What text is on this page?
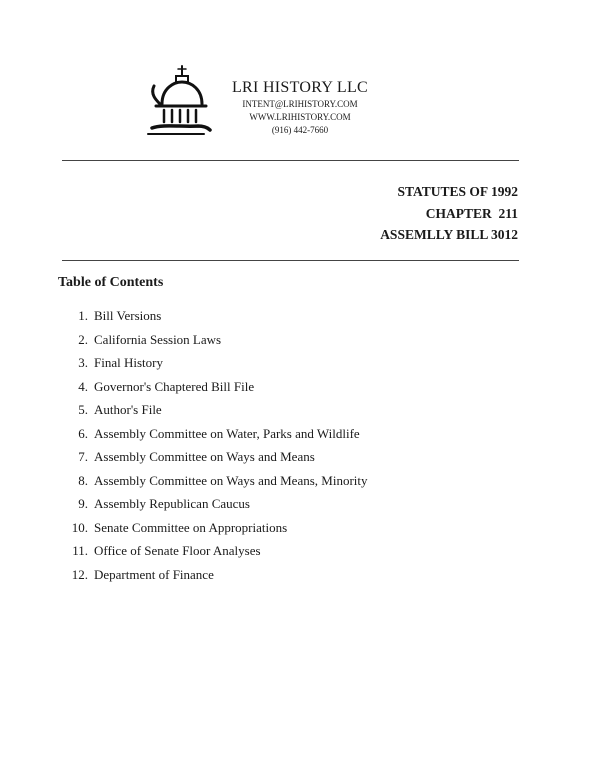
LRI HISTORY LLC

INTENT@LRIHISTORY.COM

WWW.LRIHISTORY.COM

(916) 442-7660

STATUTES OF 1992
CHAPTER  211
ASSEMLLY BILL 3012
Table of Contents
1. Bill Versions
2. California Session Laws
3. Final History
4. Governor's Chaptered Bill File
5. Author's File
6. Assembly Committee on Water, Parks and Wildlife
7. Assembly Committee on Ways and Means
8. Assembly Committee on Ways and Means, Minority
9. Assembly Republican Caucus
10. Senate Committee on Appropriations
11. Office of Senate Floor Analyses
12. Department of Finance
